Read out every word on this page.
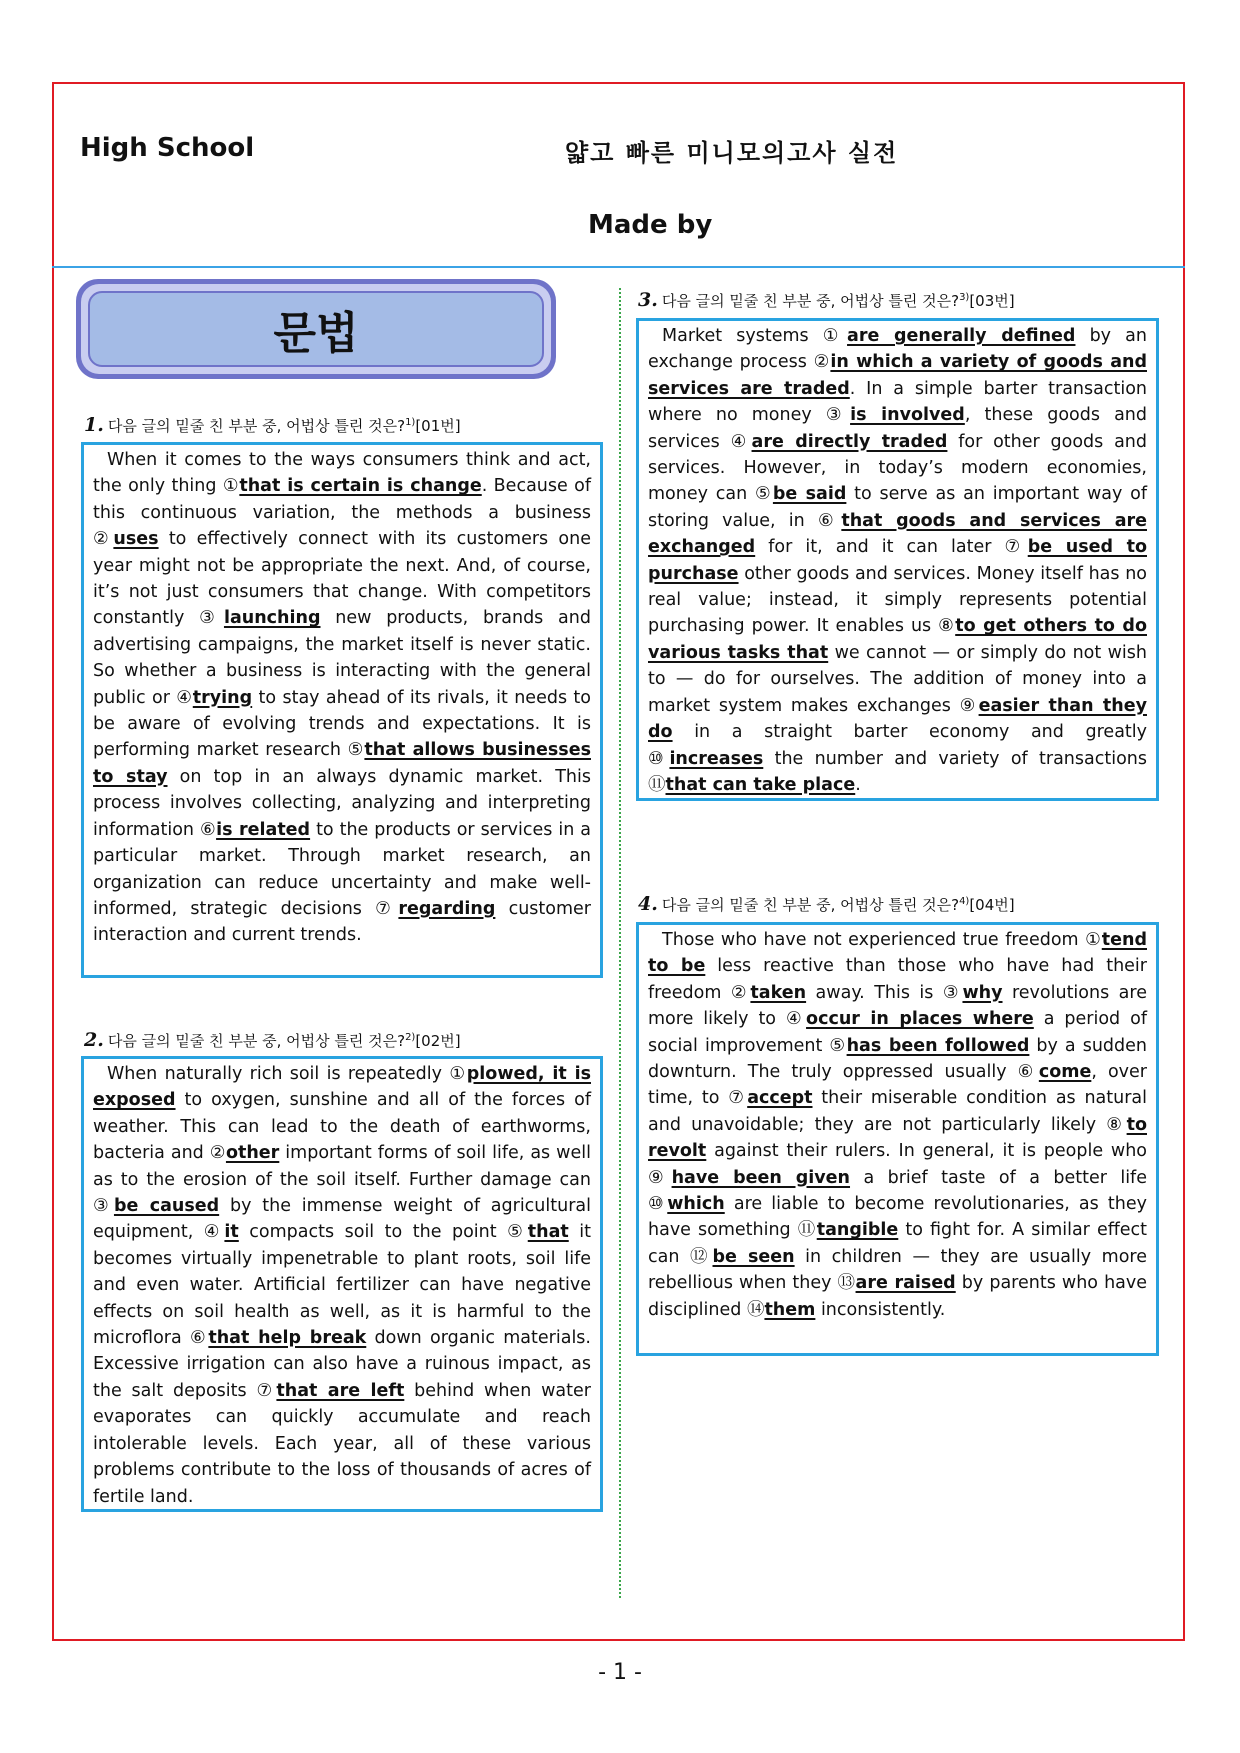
High School	얇고 빠른 미니모의고사 실전
Made by
문법
1. 다음 글의 밑줄 친 부분 중, 어법상 틀린 것은?$^{1)}$[01번]
When it comes to the ways consumers think and act, the only thing ①that is certain is change. Because of this continuous variation, the methods a business ②uses to effectively connect with its customers one year might not be appropriate the next. And, of course, it’s not just consumers that change. With competitors constantly ③launching new products, brands and advertising campaigns, the market itself is never static. So whether a business is interacting with the general public or ④trying to stay ahead of its rivals, it needs to be aware of evolving trends and expectations. It is performing market research ⑤that allows businesses to stay on top in an always dynamic market. This process involves collecting, analyzing and interpreting information ⑥is related to the products or services in a particular market. Through market research, an organization can reduce uncertainty and make well-informed, strategic decisions ⑦regarding customer interaction and current trends.
2. 다음 글의 밑줄 친 부분 중, 어법상 틀린 것은?$^{2)}$[02번]
When naturally rich soil is repeatedly ①plowed, it is exposed to oxygen, sunshine and all of the forces of weather. This can lead to the death of earthworms, bacteria and ②other important forms of soil life, as well as to the erosion of the soil itself. Further damage can ③be caused by the immense weight of agricultural equipment, ④it compacts soil to the point ⑤that it becomes virtually impenetrable to plant roots, soil life and even water. Artificial fertilizer can have negative effects on soil health as well, as it is harmful to the microflora ⑥that help break down organic materials. Excessive irrigation can also have a ruinous impact, as the salt deposits ⑦that are left behind when water evaporates can quickly accumulate and reach intolerable levels. Each year, all of these various problems contribute to the loss of thousands of acres of fertile land.
3. 다음 글의 밑줄 친 부분 중, 어법상 틀린 것은?$^{3)}$[03번]
Market systems ①are generally defined by an exchange process ②in which a variety of goods and services are traded. In a simple barter transaction where no money ③is involved, these goods and services ④are directly traded for other goods and services. However, in today’s modern economies, money can ⑤be said to serve as an important way of storing value, in ⑥that goods and services are exchanged for it, and it can later ⑦be used to purchase other goods and services. Money itself has no real value; instead, it simply represents potential purchasing power. It enables us ⑧to get others to do various tasks that we cannot — or simply do not wish to — do for ourselves. The addition of money into a market system makes exchanges ⑨easier than they do in a straight barter economy and greatly ⑩increases the number and variety of transactions ⑪that can take place.
4. 다음 글의 밑줄 친 부분 중, 어법상 틀린 것은?$^{4)}$[04번]
Those who have not experienced true freedom ①tend to be less reactive than those who have had their freedom ②taken away. This is ③why revolutions are more likely to ④occur in places where a period of social improvement ⑤has been followed by a sudden downturn. The truly oppressed usually ⑥come, over time, to ⑦accept their miserable condition as natural and unavoidable; they are not particularly likely ⑧to revolt against their rulers. In general, it is people who ⑨have been given a brief taste of a better life ⑩which are liable to become revolutionaries, as they have something ⑪tangible to fight for. A similar effect can ⑫be seen in children — they are usually more rebellious when they ⑬are raised by parents who have disciplined ⑭them inconsistently.
- 1 -
